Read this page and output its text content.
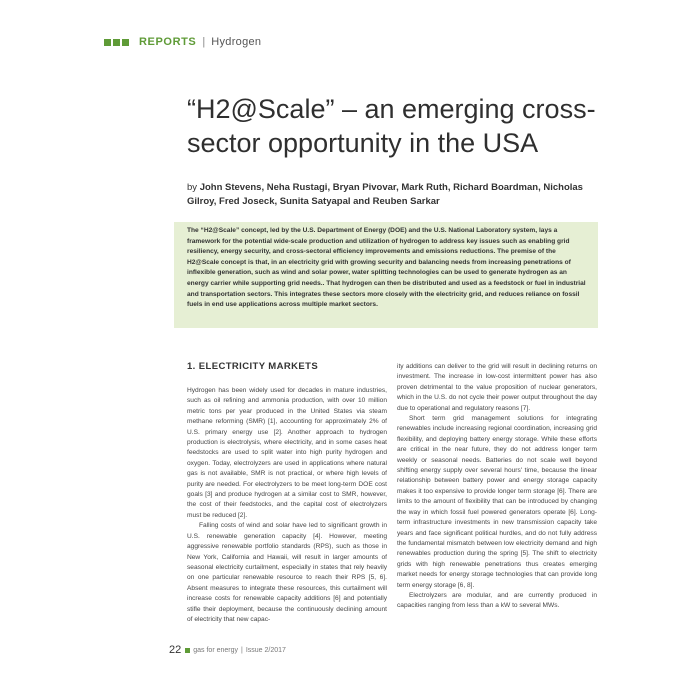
REPORTS | Hydrogen
“H2@Scale” – an emerging cross-sector opportunity in the USA
by John Stevens, Neha Rustagi, Bryan Pivovar, Mark Ruth, Richard Boardman, Nicholas Gilroy, Fred Joseck, Sunita Satyapal and Reuben Sarkar
The “H2@Scale” concept, led by the U.S. Department of Energy (DOE) and the U.S. National Laboratory system, lays a framework for the potential wide-scale production and utilization of hydrogen to address key issues such as enabling grid resiliency, energy security, and cross-sectoral efficiency improvements and emissions reductions. The premise of the H2@Scale concept is that, in an electricity grid with growing security and balancing needs from increasing penetrations of inflexible generation, such as wind and solar power, water splitting technologies can be used to generate hydrogen as an energy carrier while supporting grid needs.. That hydrogen can then be distributed and used as a feedstock or fuel in industrial and transportation sectors. This integrates these sectors more closely with the electricity grid, and reduces reliance on fossil fuels in end use applications across multiple market sectors.
1. ELECTRICITY MARKETS

Hydrogen has been widely used for decades in mature industries, such as oil refining and ammonia production, with over 10 million metric tons per year produced in the United States via steam methane reforming (SMR) [1], accounting for approximately 2% of U.S. primary energy use [2]. Another approach to hydrogen production is electrolysis, where electricity, and in some cases heat feedstocks are used to split water into high purity hydrogen and oxygen. Today, electrolyzers are used in applications where natural gas is not available, SMR is not practical, or where high levels of purity are needed. For electrolyzers to be meet long-term DOE cost goals [3] and produce hydrogen at a similar cost to SMR, however, the cost of their feedstocks, and the capital cost of electrolyzers must be reduced [2].

Falling costs of wind and solar have led to significant growth in U.S. renewable generation capacity [4]. However, meeting aggressive renewable portfolio standards (RPS), such as those in New York, California and Hawaii, will result in larger amounts of seasonal electricity curtailment, especially in states that rely heavily on one particular renewable resource to reach their RPS [5, 6]. Absent measures to integrate these resources, this curtailment will increase costs for renewable capacity additions [6] and potentially stifle their deployment, because the continuously declining amount of electricity that new capac-

ity additions can deliver to the grid will result in declining returns on investment. The increase in low-cost intermittent power has also proven detrimental to the value proposition of nuclear generators, which in the U.S. do not cycle their power output throughout the day due to operational and regulatory reasons [7].

Short term grid management solutions for integrating renewables include increasing regional coordination, increasing grid flexibility, and deploying battery energy storage. While these efforts are critical in the near future, they do not address longer term weekly or seasonal needs. Batteries do not scale well beyond shifting energy supply over several hours' time, because the linear relationship between battery power and energy storage capacity makes it too expensive to provide longer term storage [6]. There are limits to the amount of flexibility that can be introduced by changing the way in which fossil fuel powered generators operate [6]. Long-term infrastructure investments in new transmission capacity take years and face significant political hurdles, and do not fully address the fundamental mismatch between low electricity demand and high renewables production during the spring [5]. The shift to electricity grids with high renewable penetrations thus creates emerging market needs for energy storage technologies that can provide long term energy storage [6, 8].

Electrolyzers are modular, and are currently produced in capacities ranging from less than a kW to several MWs.

22 gas for energy | Issue 2/2017
